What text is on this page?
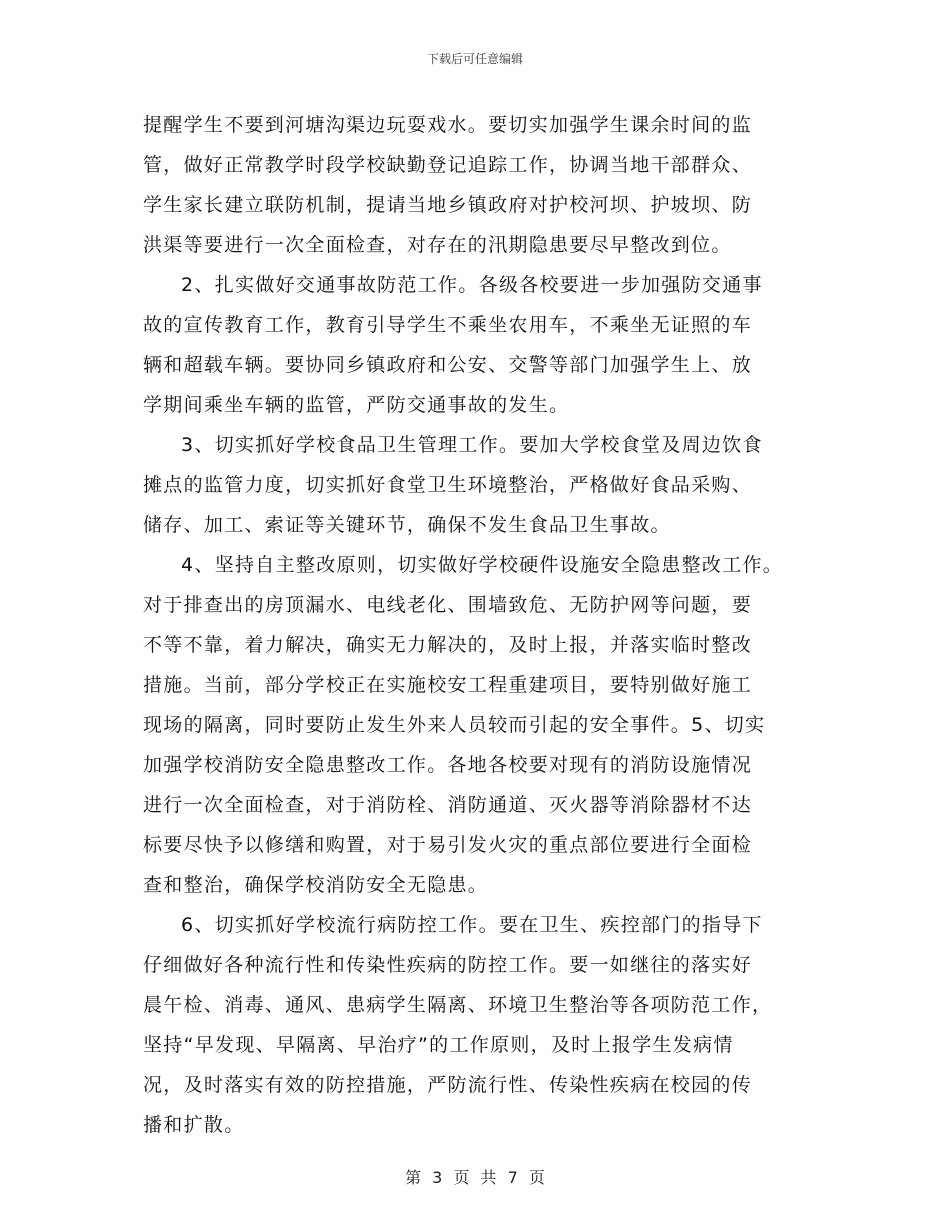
下载后可任意编辑
提醒学生不要到河塘沟渠边玩耍戏水。要切实加强学生课余时间的监
管，做好正常教学时段学校缺勤登记追踪工作，协调当地干部群众、
学生家长建立联防机制，提请当地乡镇政府对护校河坝、护坡坝、防
洪渠等要进行一次全面检查，对存在的汛期隐患要尽早整改到位。
2、扎实做好交通事故防范工作。各级各校要进一步加强防交通事
故的宣传教育工作，教育引导学生不乘坐农用车，不乘坐无证照的车
辆和超载车辆。要协同乡镇政府和公安、交警等部门加强学生上、放
学期间乘坐车辆的监管，严防交通事故的发生。
3、切实抓好学校食品卫生管理工作。要加大学校食堂及周边饮食
摊点的监管力度，切实抓好食堂卫生环境整治，严格做好食品采购、
储存、加工、索证等关键环节，确保不发生食品卫生事故。
4、坚持自主整改原则，切实做好学校硬件设施安全隐患整改工作。
对于排查出的房顶漏水、电线老化、围墙致危、无防护网等问题，要
不等不靠，着力解决，确实无力解决的，及时上报，并落实临时整改
措施。当前，部分学校正在实施校安工程重建项目，要特别做好施工
现场的隔离，同时要防止发生外来人员较而引起的安全事件。5、切实
加强学校消防安全隐患整改工作。各地各校要对现有的消防设施情况
进行一次全面检查，对于消防栓、消防通道、灭火器等消除器材不达
标要尽快予以修缮和购置，对于易引发火灾的重点部位要进行全面检
查和整治，确保学校消防安全无隐患。
6、切实抓好学校流行病防控工作。要在卫生、疾控部门的指导下
仔细做好各种流行性和传染性疾病的防控工作。要一如继往的落实好
晨午检、消毒、通风、患病学生隔离、环境卫生整治等各项防范工作，
坚持“早发现、早隔离、早治疗”的工作原则，及时上报学生发病情
况，及时落实有效的防控措施，严防流行性、传染性疾病在校园的传
播和扩散。
第 3 页 共 7 页
